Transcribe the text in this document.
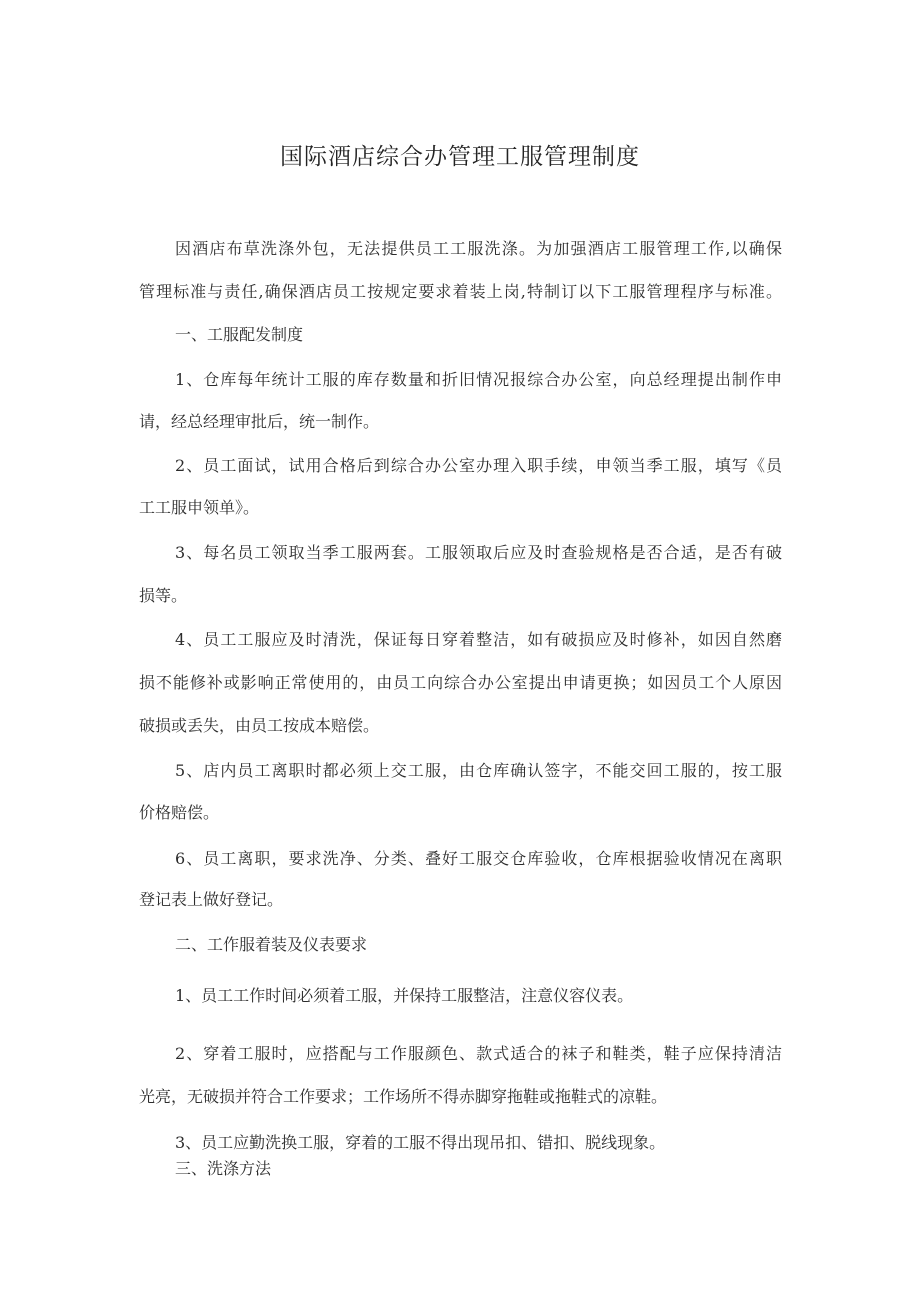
国际酒店综合办管理工服管理制度
因酒店布草洗涤外包，无法提供员工工服洗涤。为加强酒店工服管理工作,以确保
管理标准与责任,确保酒店员工按规定要求着装上岗,特制订以下工服管理程序与标准。
一、工服配发制度
1、仓库每年统计工服的库存数量和折旧情况报综合办公室，向总经理提出制作申
请，经总经理审批后，统一制作。
2、员工面试，试用合格后到综合办公室办理入职手续，申领当季工服，填写《员
工工服申领单》。
3、每名员工领取当季工服两套。工服领取后应及时查验规格是否合适，是否有破
损等。
4、员工工服应及时清洗，保证每日穿着整洁，如有破损应及时修补，如因自然磨
损不能修补或影响正常使用的，由员工向综合办公室提出申请更换；如因员工个人原因
破损或丢失，由员工按成本赔偿。
5、店内员工离职时都必须上交工服，由仓库确认签字，不能交回工服的，按工服
价格赔偿。
6、员工离职，要求洗净、分类、叠好工服交仓库验收，仓库根据验收情况在离职
登记表上做好登记。
二、工作服着装及仪表要求
1、员工工作时间必须着工服，并保持工服整洁，注意仪容仪表。
2、穿着工服时，应搭配与工作服颜色、款式适合的袜子和鞋类，鞋子应保持清洁
光亮，无破损并符合工作要求；工作场所不得赤脚穿拖鞋或拖鞋式的凉鞋。
3、员工应勤洗换工服，穿着的工服不得出现吊扣、错扣、脱线现象。
三、洗涤方法
